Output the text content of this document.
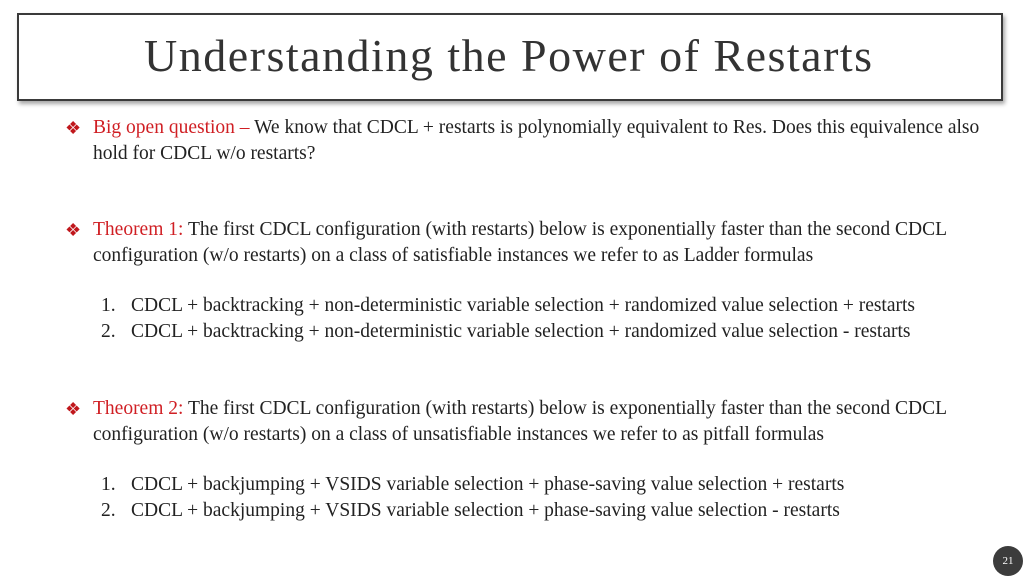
Understanding the Power of Restarts
❖ Big open question – We know that CDCL + restarts is polynomially equivalent to Res. Does this equivalence also hold for CDCL w/o restarts?
❖ Theorem 1: The first CDCL configuration (with restarts) below is exponentially faster than the second CDCL configuration (w/o restarts) on a class of satisfiable instances we refer to as Ladder formulas
1. CDCL + backtracking + non-deterministic variable selection + randomized value selection + restarts
2. CDCL + backtracking + non-deterministic variable selection + randomized value selection - restarts
❖ Theorem 2: The first CDCL configuration (with restarts) below is exponentially faster than the second CDCL configuration (w/o restarts) on a class of unsatisfiable instances we refer to as pitfall formulas
1. CDCL + backjumping + VSIDS variable selection + phase-saving value selection + restarts
2. CDCL + backjumping + VSIDS variable selection + phase-saving value selection - restarts
21
